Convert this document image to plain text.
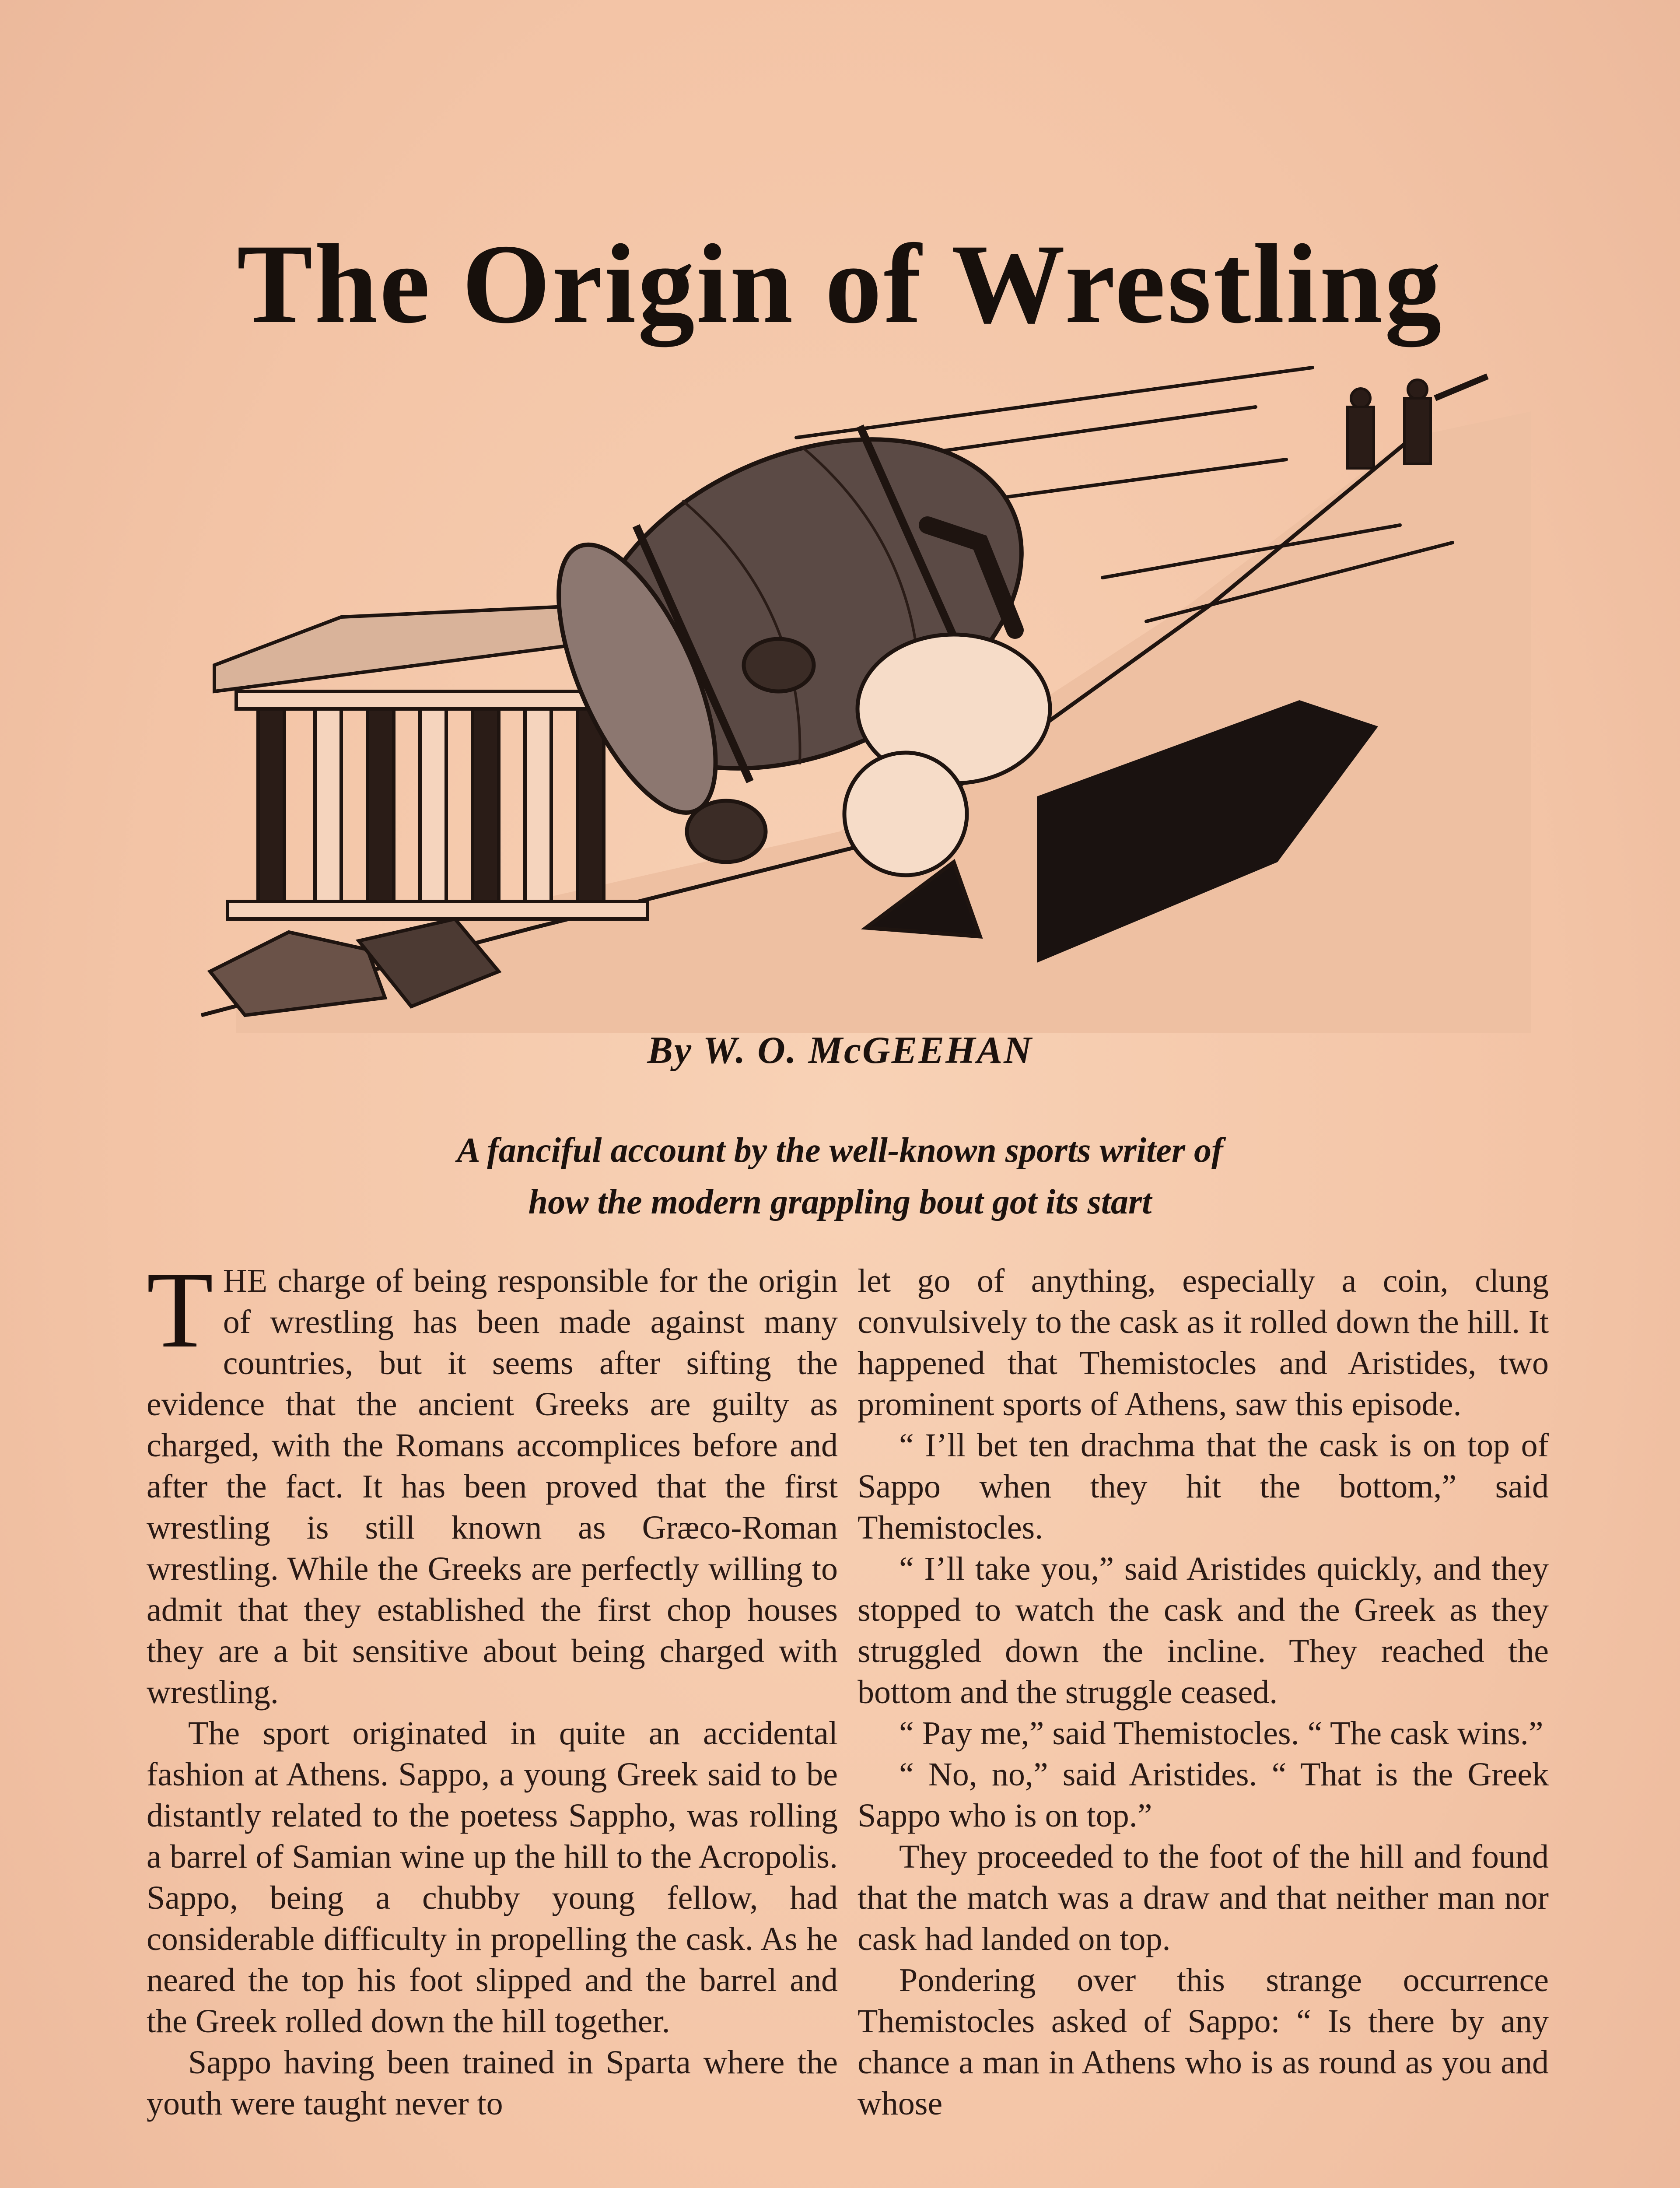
The Origin of Wrestling
By W. O. McGEEHAN
A fanciful account by the well-known sports writer of
how the modern grappling bout got its start

THE charge of being responsible for the origin of wrestling has been made against many countries, but it seems after sifting the evidence that the ancient Greeks are guilty as charged, with the Romans accomplices before and after the fact. It has been proved that the first wrestling is still known as Græco-Roman wrestling. While the Greeks are perfectly willing to admit that they established the first chop houses they are a bit sensitive about being charged with wrestling.

The sport originated in quite an accidental fashion at Athens. Sappo, a young Greek said to be distantly related to the poetess Sappho, was rolling a barrel of Samian wine up the hill to the Acropolis. Sappo, being a chubby young fellow, had considerable difficulty in propelling the cask. As he neared the top his foot slipped and the barrel and the Greek rolled down the hill together.

Sappo having been trained in Sparta where the youth were taught never to

let go of anything, especially a coin, clung convulsively to the cask as it rolled down the hill. It happened that Themistocles and Aristides, two prominent sports of Athens, saw this episode.

“ I’ll bet ten drachma that the cask is on top of Sappo when they hit the bottom,” said Themistocles.

“ I’ll take you,” said Aristides quickly, and they stopped to watch the cask and the Greek as they struggled down the incline. They reached the bottom and the struggle ceased.

“ Pay me,” said Themistocles. “ The cask wins.”

“ No, no,” said Aristides. “ That is the Greek Sappo who is on top.”

They proceeded to the foot of the hill and found that the match was a draw and that neither man nor cask had landed on top.

Pondering over this strange occurrence Themistocles asked of Sappo: “ Is there by any chance a man in Athens who is as round as you and whose
